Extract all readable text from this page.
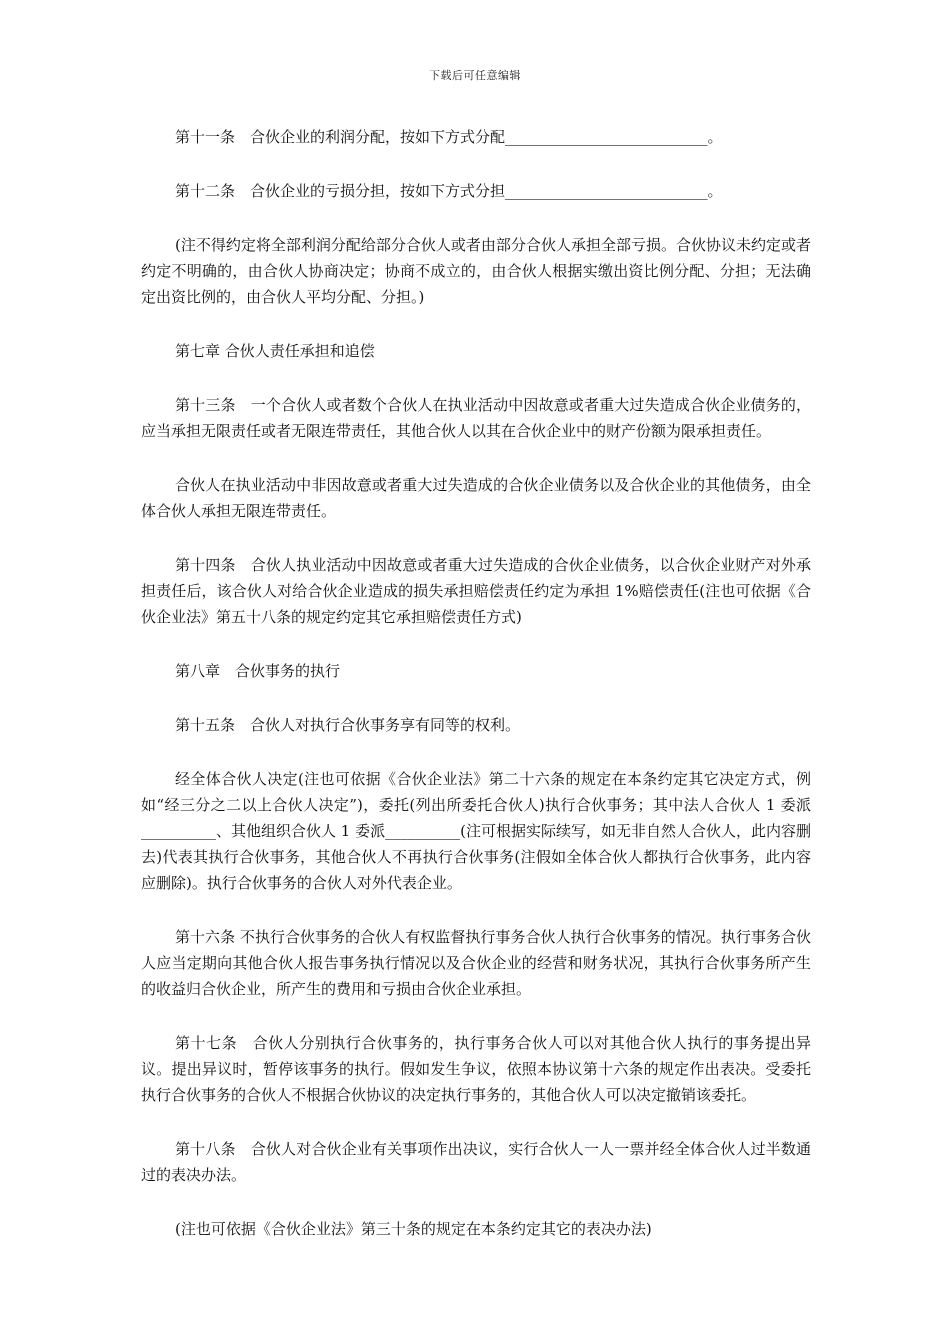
下载后可任意编辑

第十一条　合伙企业的利润分配，按如下方式分配___________________________。

第十二条　合伙企业的亏损分担，按如下方式分担___________________________。

(注不得约定将全部利润分配给部分合伙人或者由部分合伙人承担全部亏损。合伙协议未约定或者约定不明确的，由合伙人协商决定；协商不成立的，由合伙人根据实缴出资比例分配、分担；无法确定出资比例的，由合伙人平均分配、分担。)

第七章 合伙人责任承担和追偿

第十三条　一个合伙人或者数个合伙人在执业活动中因故意或者重大过失造成合伙企业债务的，应当承担无限责任或者无限连带责任，其他合伙人以其在合伙企业中的财产份额为限承担责任。

合伙人在执业活动中非因故意或者重大过失造成的合伙企业债务以及合伙企业的其他债务，由全体合伙人承担无限连带责任。

第十四条　合伙人执业活动中因故意或者重大过失造成的合伙企业债务，以合伙企业财产对外承担责任后，该合伙人对给合伙企业造成的损失承担赔偿责任约定为承担 1%赔偿责任(注也可依据《合伙企业法》第五十八条的规定约定其它承担赔偿责任方式)

第八章　合伙事务的执行

第十五条　合伙人对执行合伙事务享有同等的权利。

经全体合伙人决定(注也可依据《合伙企业法》第二十六条的规定在本条约定其它决定方式，例如“经三分之二以上合伙人决定”)，委托(列出所委托合伙人)执行合伙事务；其中法人合伙人 1 委派__________、其他组织合伙人 1 委派__________(注可根据实际续写，如无非自然人合伙人，此内容删去)代表其执行合伙事务，其他合伙人不再执行合伙事务(注假如全体合伙人都执行合伙事务，此内容应删除)。执行合伙事务的合伙人对外代表企业。

第十六条 不执行合伙事务的合伙人有权监督执行事务合伙人执行合伙事务的情况。执行事务合伙人应当定期向其他合伙人报告事务执行情况以及合伙企业的经营和财务状况，其执行合伙事务所产生的收益归合伙企业，所产生的费用和亏损由合伙企业承担。

第十七条　合伙人分别执行合伙事务的，执行事务合伙人可以对其他合伙人执行的事务提出异议。提出异议时，暂停该事务的执行。假如发生争议，依照本协议第十六条的规定作出表决。受委托执行合伙事务的合伙人不根据合伙协议的决定执行事务的，其他合伙人可以决定撤销该委托。

第十八条　合伙人对合伙企业有关事项作出决议，实行合伙人一人一票并经全体合伙人过半数通过的表决办法。

(注也可依据《合伙企业法》第三十条的规定在本条约定其它的表决办法)
